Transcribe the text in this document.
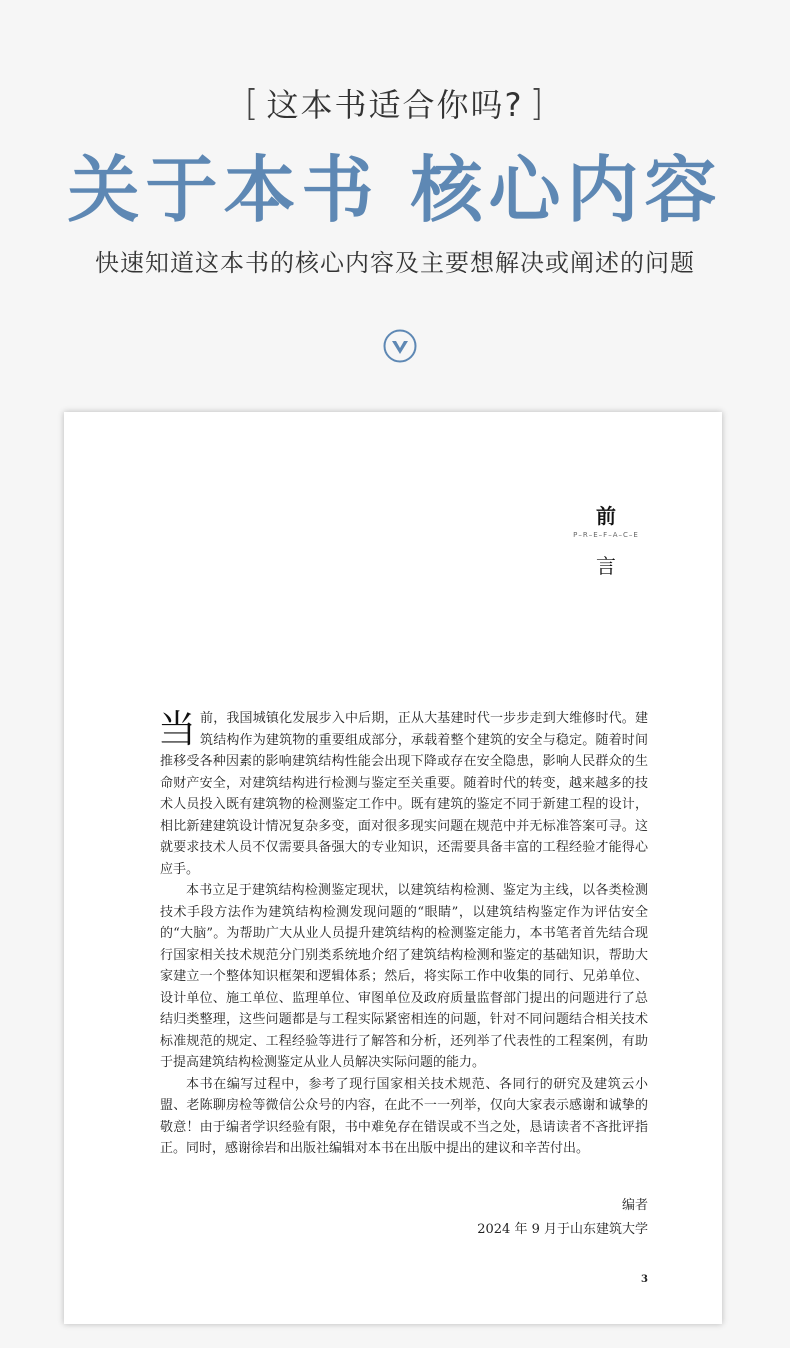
[ 这本书适合你吗? ]
关于本书 核心内容
快速知道这本书的核心内容及主要想解决或阐述的问题
前
P–R–E–F–A–C–E
言

当前，我国城镇化发展步入中后期，正从大基建时代一步步走到大维修时代。建筑结构作为建筑物的重要组成部分，承载着整个建筑的安全与稳定。随着时间推移受各种因素的影响建筑结构性能会出现下降或存在安全隐患，影响人民群众的生命财产安全，对建筑结构进行检测与鉴定至关重要。随着时代的转变，越来越多的技术人员投入既有建筑物的检测鉴定工作中。既有建筑的鉴定不同于新建工程的设计，相比新建建筑设计情况复杂多变，面对很多现实问题在规范中并无标准答案可寻。这就要求技术人员不仅需要具备强大的专业知识，还需要具备丰富的工程经验才能得心应手。

本书立足于建筑结构检测鉴定现状，以建筑结构检测、鉴定为主线，以各类检测技术手段方法作为建筑结构检测发现问题的“眼睛”，以建筑结构鉴定作为评估安全的“大脑”。为帮助广大从业人员提升建筑结构的检测鉴定能力，本书笔者首先结合现行国家相关技术规范分门别类系统地介绍了建筑结构检测和鉴定的基础知识，帮助大家建立一个整体知识框架和逻辑体系；然后，将实际工作中收集的同行、兄弟单位、设计单位、施工单位、监理单位、审图单位及政府质量监督部门提出的问题进行了总结归类整理，这些问题都是与工程实际紧密相连的问题，针对不同问题结合相关技术标准规范的规定、工程经验等进行了解答和分析，还列举了代表性的工程案例，有助于提高建筑结构检测鉴定从业人员解决实际问题的能力。

本书在编写过程中，参考了现行国家相关技术规范、各同行的研究及建筑云小盟、老陈聊房检等微信公众号的内容，在此不一一列举，仅向大家表示感谢和诚挚的敬意！由于编者学识经验有限，书中难免存在错误或不当之处，恳请读者不吝批评指正。同时，感谢徐岩和出版社编辑对本书在出版中提出的建议和辛苦付出。

编者
2024 年 9 月于山东建筑大学
3
